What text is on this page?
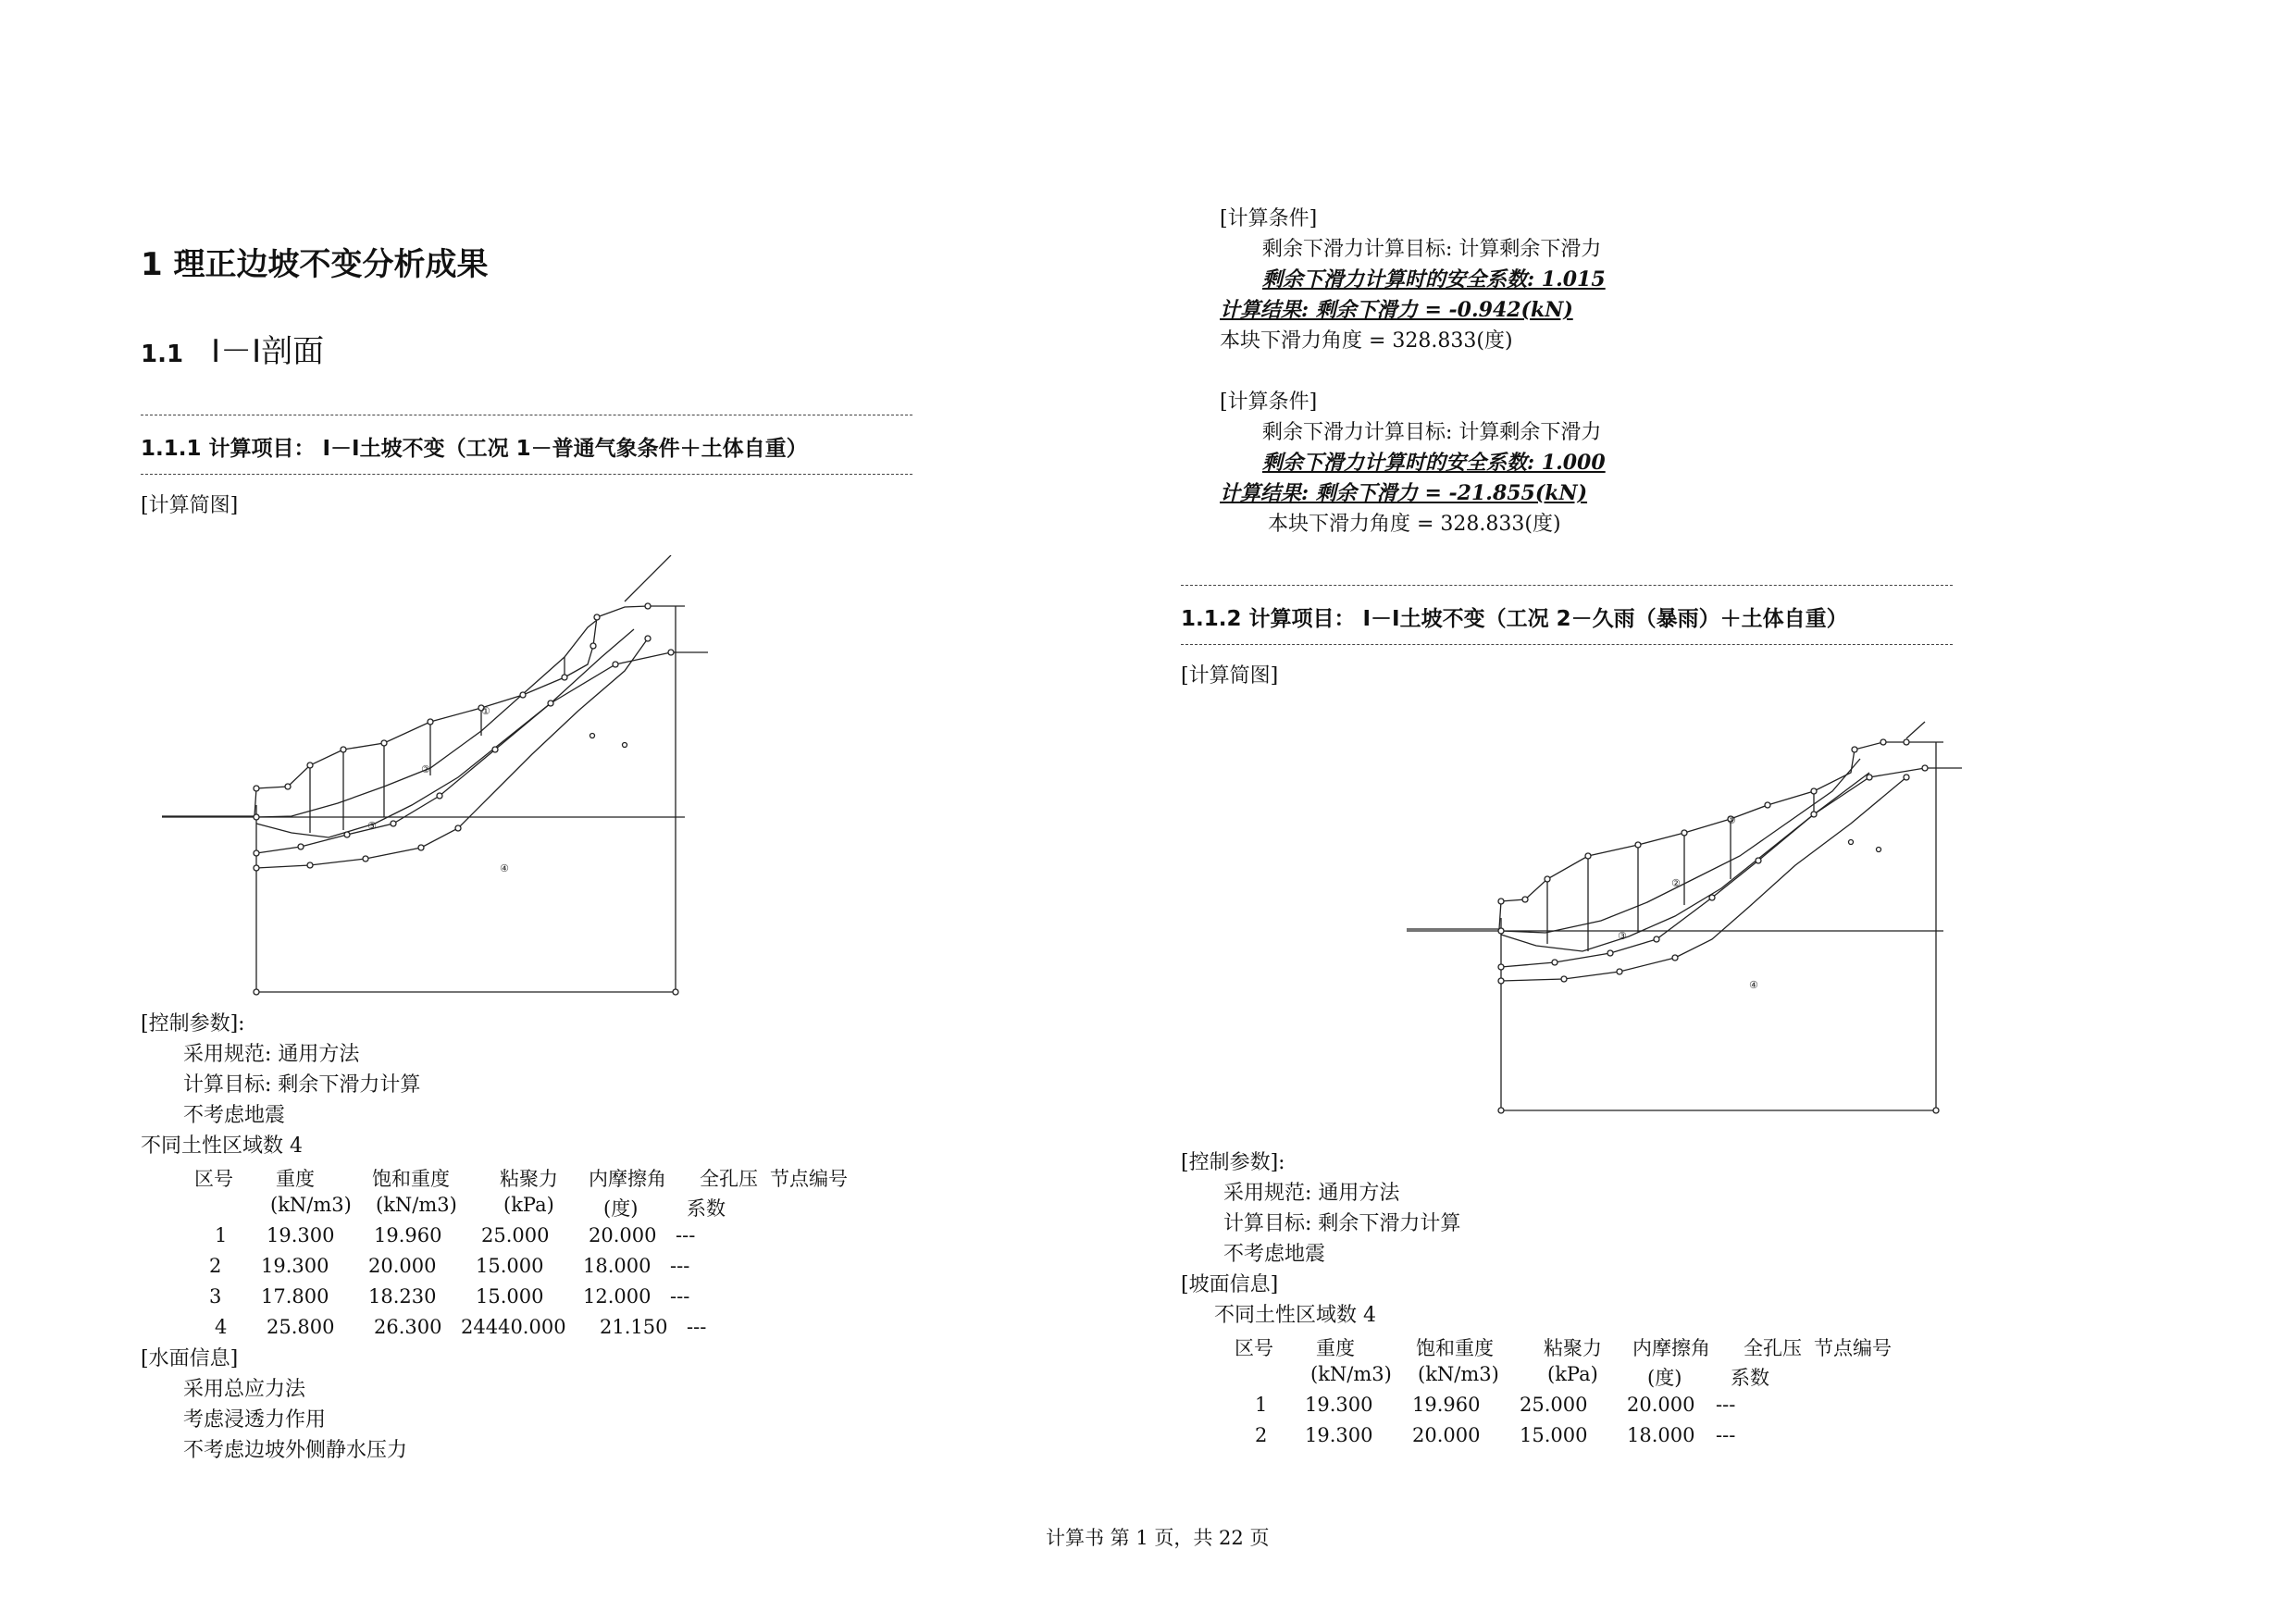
1 理正边坡不变分析成果
1.1 Ⅰ－Ⅰ剖面
1.1.1 计算项目： Ⅰ－Ⅰ土坡不变（工况 1－普通气象条件＋土体自重）
[计算简图]
①
②
③
④
[控制参数]:
采用规范: 通用方法
计算目标: 剩余下滑力计算
不考虑地震
不同土性区域数 4
区号 重度	饱和重度	粘聚力 内摩擦角 全孔压 节点编号
(kN/m3) (kN/m3) (kPa)	(度)	系数
1 19.300 19.960 25.000 20.000 ---
2 19.300 20.000 15.000 18.000 ---
3 17.800 18.230 15.000 12.000 ---
4 25.800 26.300 24440.000 21.150 ---
[水面信息]
采用总应力法
考虑浸透力作用
不考虑边坡外侧静水压力
[计算条件]
剩余下滑力计算目标: 计算剩余下滑力
剩余下滑力计算时的安全系数: 1.015
计算结果: 剩余下滑力 = -0.942(kN)
本块下滑力角度 = 328.833(度)
[计算条件]
剩余下滑力计算目标: 计算剩余下滑力
剩余下滑力计算时的安全系数: 1.000
计算结果: 剩余下滑力 = -21.855(kN)
本块下滑力角度 = 328.833(度)
1.1.2 计算项目： Ⅰ－Ⅰ土坡不变（工况 2－久雨（暴雨）＋土体自重）
[计算简图]
①
②
③
④
[控制参数]:
采用规范: 通用方法
计算目标: 剩余下滑力计算
不考虑地震
[坡面信息]
不同土性区域数 4
区号 重度	饱和重度	粘聚力 内摩擦角 全孔压 节点编号
(kN/m3) (kN/m3) (kPa)	(度)	系数
1 19.300 19.960 25.000 20.000 ---
2 19.300 20.000 15.000 18.000 ---
计算书 第 1 页，共 22 页
